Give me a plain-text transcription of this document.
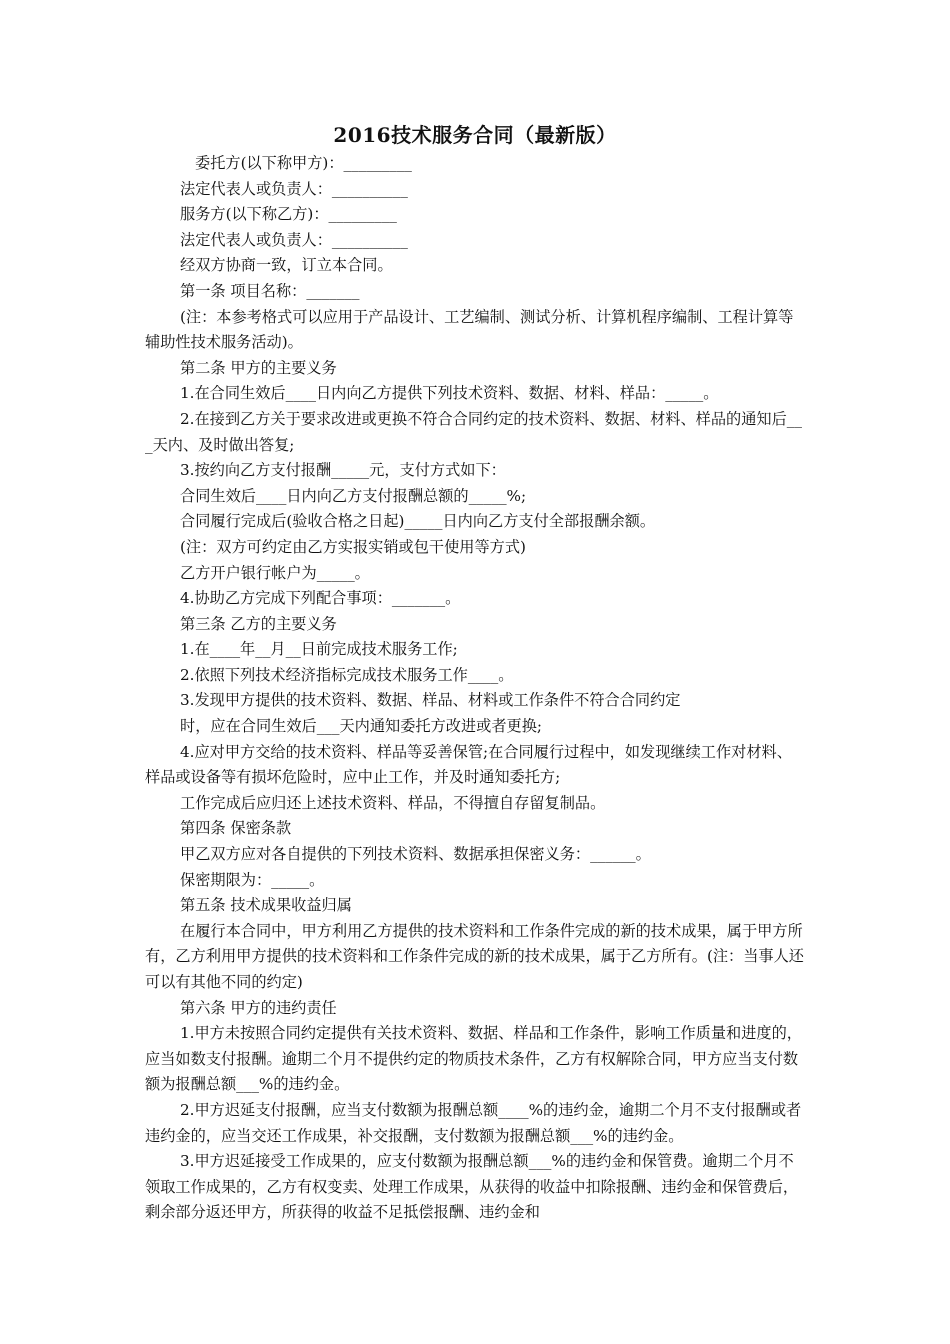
2016技术服务合同（最新版）

委托方(以下称甲方)：_________

法定代表人或负责人：__________

服务方(以下称乙方)：_________

法定代表人或负责人：__________

经双方协商一致，订立本合同。

第一条 项目名称：_______

(注：本参考格式可以应用于产品设计、工艺编制、测试分析、计算机程序编制、工程计算等辅助性技术服务活动)。

第二条 甲方的主要义务

1.在合同生效后____日内向乙方提供下列技术资料、数据、材料、样品：_____。

2.在接到乙方关于要求改进或更换不符合合同约定的技术资料、数据、材料、样品的通知后___天内、及时做出答复;

3.按约向乙方支付报酬_____元，支付方式如下：

合同生效后____日内向乙方支付报酬总额的_____%;

合同履行完成后(验收合格之日起)_____日内向乙方支付全部报酬余额。

(注：双方可约定由乙方实报实销或包干使用等方式)

乙方开户银行帐户为_____。

4.协助乙方完成下列配合事项：_______。

第三条 乙方的主要义务

1.在____年__月__日前完成技术服务工作;

2.依照下列技术经济指标完成技术服务工作____。

3.发现甲方提供的技术资料、数据、样品、材料或工作条件不符合合同约定

时，应在合同生效后___天内通知委托方改进或者更换;

4.应对甲方交给的技术资料、样品等妥善保管;在合同履行过程中，如发现继续工作对材料、样品或设备等有损坏危险时，应中止工作，并及时通知委托方;

工作完成后应归还上述技术资料、样品，不得擅自存留复制品。

第四条 保密条款

甲乙双方应对各自提供的下列技术资料、数据承担保密义务：______。

保密期限为：_____。

第五条 技术成果收益归属

在履行本合同中，甲方利用乙方提供的技术资料和工作条件完成的新的技术成果，属于甲方所有，乙方利用甲方提供的技术资料和工作条件完成的新的技术成果，属于乙方所有。(注：当事人还可以有其他不同的约定)

第六条 甲方的违约责任

1.甲方未按照合同约定提供有关技术资料、数据、样品和工作条件，影响工作质量和进度的，应当如数支付报酬。逾期二个月不提供约定的物质技术条件，乙方有权解除合同，甲方应当支付数额为报酬总额___%的违约金。

2.甲方迟延支付报酬，应当支付数额为报酬总额____%的违约金，逾期二个月不支付报酬或者违约金的，应当交还工作成果，补交报酬，支付数额为报酬总额___%的违约金。

3.甲方迟延接受工作成果的，应支付数额为报酬总额___%的违约金和保管费。逾期二个月不领取工作成果的，乙方有权变卖、处理工作成果，从获得的收益中扣除报酬、违约金和保管费后，剩余部分返还甲方，所获得的收益不足抵偿报酬、违约金和
